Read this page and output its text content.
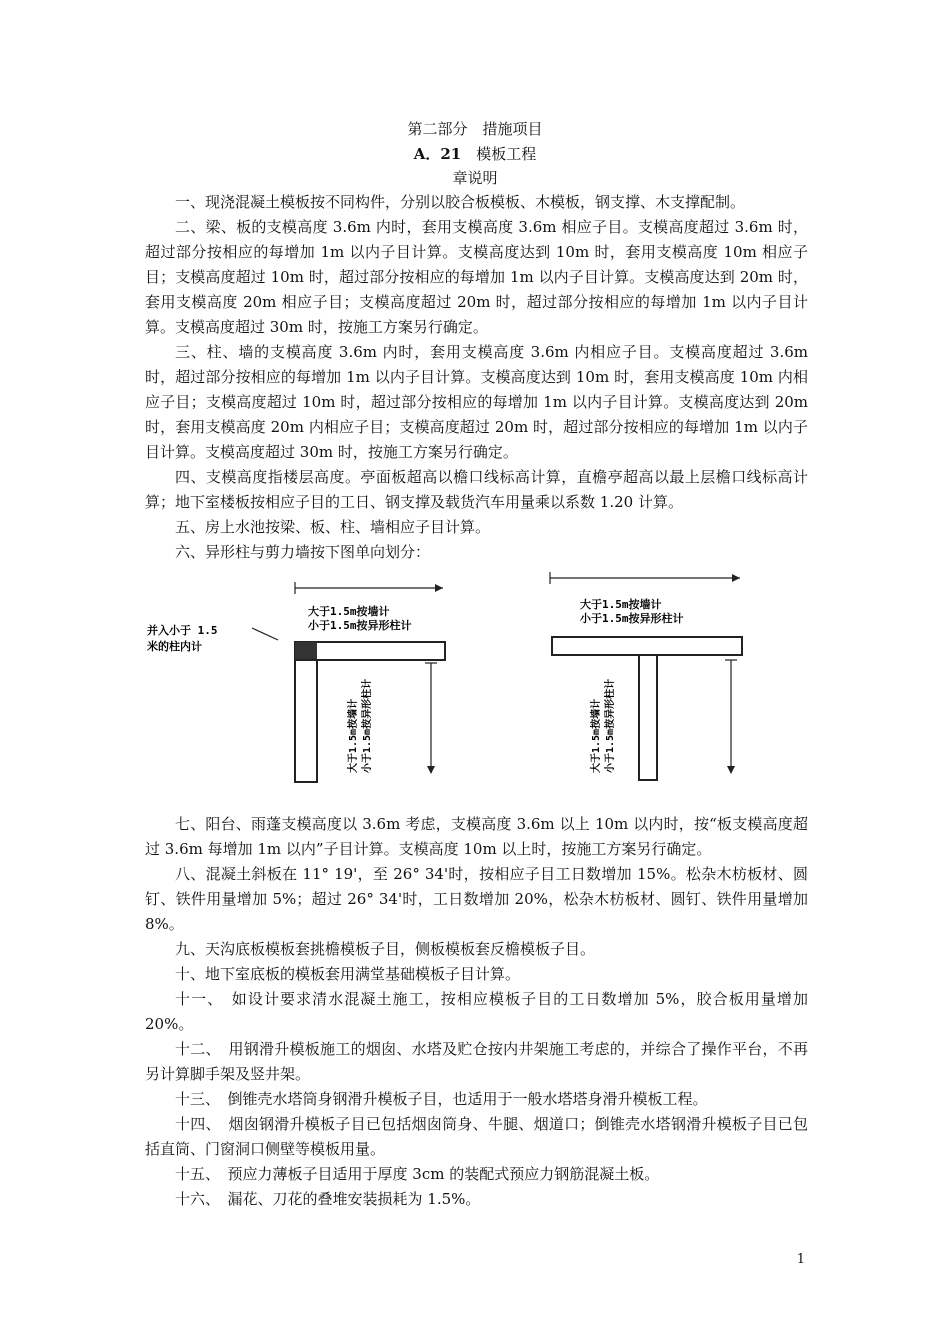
第二部分　措施项目
A．21　 模板工程
章说明

一、现浇混凝土模板按不同构件，分别以胶合板模板、木模板，钢支撑、木支撑配制。

二、梁、板的支模高度 3.6m 内时，套用支模高度 3.6m 相应子目。支模高度超过 3.6m 时，超过部分按相应的每增加 1m 以内子目计算。支模高度达到 10m 时，套用支模高度 10m 相应子目；支模高度超过 10m 时，超过部分按相应的每增加 1m 以内子目计算。支模高度达到 20m 时，套用支模高度 20m 相应子目；支模高度超过 20m 时，超过部分按相应的每增加 1m 以内子目计算。支模高度超过 30m 时，按施工方案另行确定。

三、柱、墙的支模高度 3.6m 内时，套用支模高度 3.6m 内相应子目。支模高度超过 3.6m 时，超过部分按相应的每增加 1m 以内子目计算。支模高度达到 10m 时，套用支模高度 10m 内相应子目；支模高度超过 10m 时，超过部分按相应的每增加 1m 以内子目计算。支模高度达到 20m 时，套用支模高度 20m 内相应子目；支模高度超过 20m 时，超过部分按相应的每增加 1m 以内子目计算。支模高度超过 30m 时，按施工方案另行确定。

四、支模高度指楼层高度。亭面板超高以檐口线标高计算，直檐亭超高以最上层檐口线标高计算；地下室楼板按相应子目的工日、钢支撑及载货汽车用量乘以系数 1.20 计算。

五、房上水池按梁、板、柱、墙相应子目计算。

六、异形柱与剪力墙按下图单向划分：

并入小于 1.5
米的柱内计
大于1.5m按墙计
小于1.5m按异形柱计
大于1.5m按墙计 小于1.5m按异形柱计
大于1.5m按墙计
小于1.5m按异形柱计
大于1.5m按墙计 小于1.5m按异形柱计

七、阳台、雨蓬支模高度以 3.6m 考虑，支模高度 3.6m 以上 10m 以内时，按“板支模高度超过 3.6m 每增加 1m 以内”子目计算。支模高度 10m 以上时，按施工方案另行确定。

八、混凝土斜板在 11° 19'，至 26° 34'时，按相应子目工日数增加 15%。松杂木枋板材、圆钉、铁件用量增加 5%；超过 26° 34'时，工日数增加 20%，松杂木枋板材、圆钉、铁件用量增加 8%。

九、天沟底板模板套挑檐模板子目，侧板模板套反檐模板子目。

十、地下室底板的模板套用满堂基础模板子目计算。

十一、　如设计要求清水混凝土施工，按相应模板子目的工日数增加 5%，胶合板用量增加 20%。

十二、　用钢滑升模板施工的烟囱、水塔及贮仓按内井架施工考虑的，并综合了操作平台，不再另计算脚手架及竖井架。

十三、　倒锥壳水塔筒身钢滑升模板子目，也适用于一般水塔塔身滑升模板工程。

十四、　烟囱钢滑升模板子目已包括烟囱筒身、牛腿、烟道口；倒锥壳水塔钢滑升模板子目已包括直筒、门窗洞口侧壁等模板用量。

十五、　预应力薄板子目适用于厚度 3cm 的装配式预应力钢筋混凝土板。

十六、　漏花、刀花的叠堆安装损耗为 1.5%。

1
